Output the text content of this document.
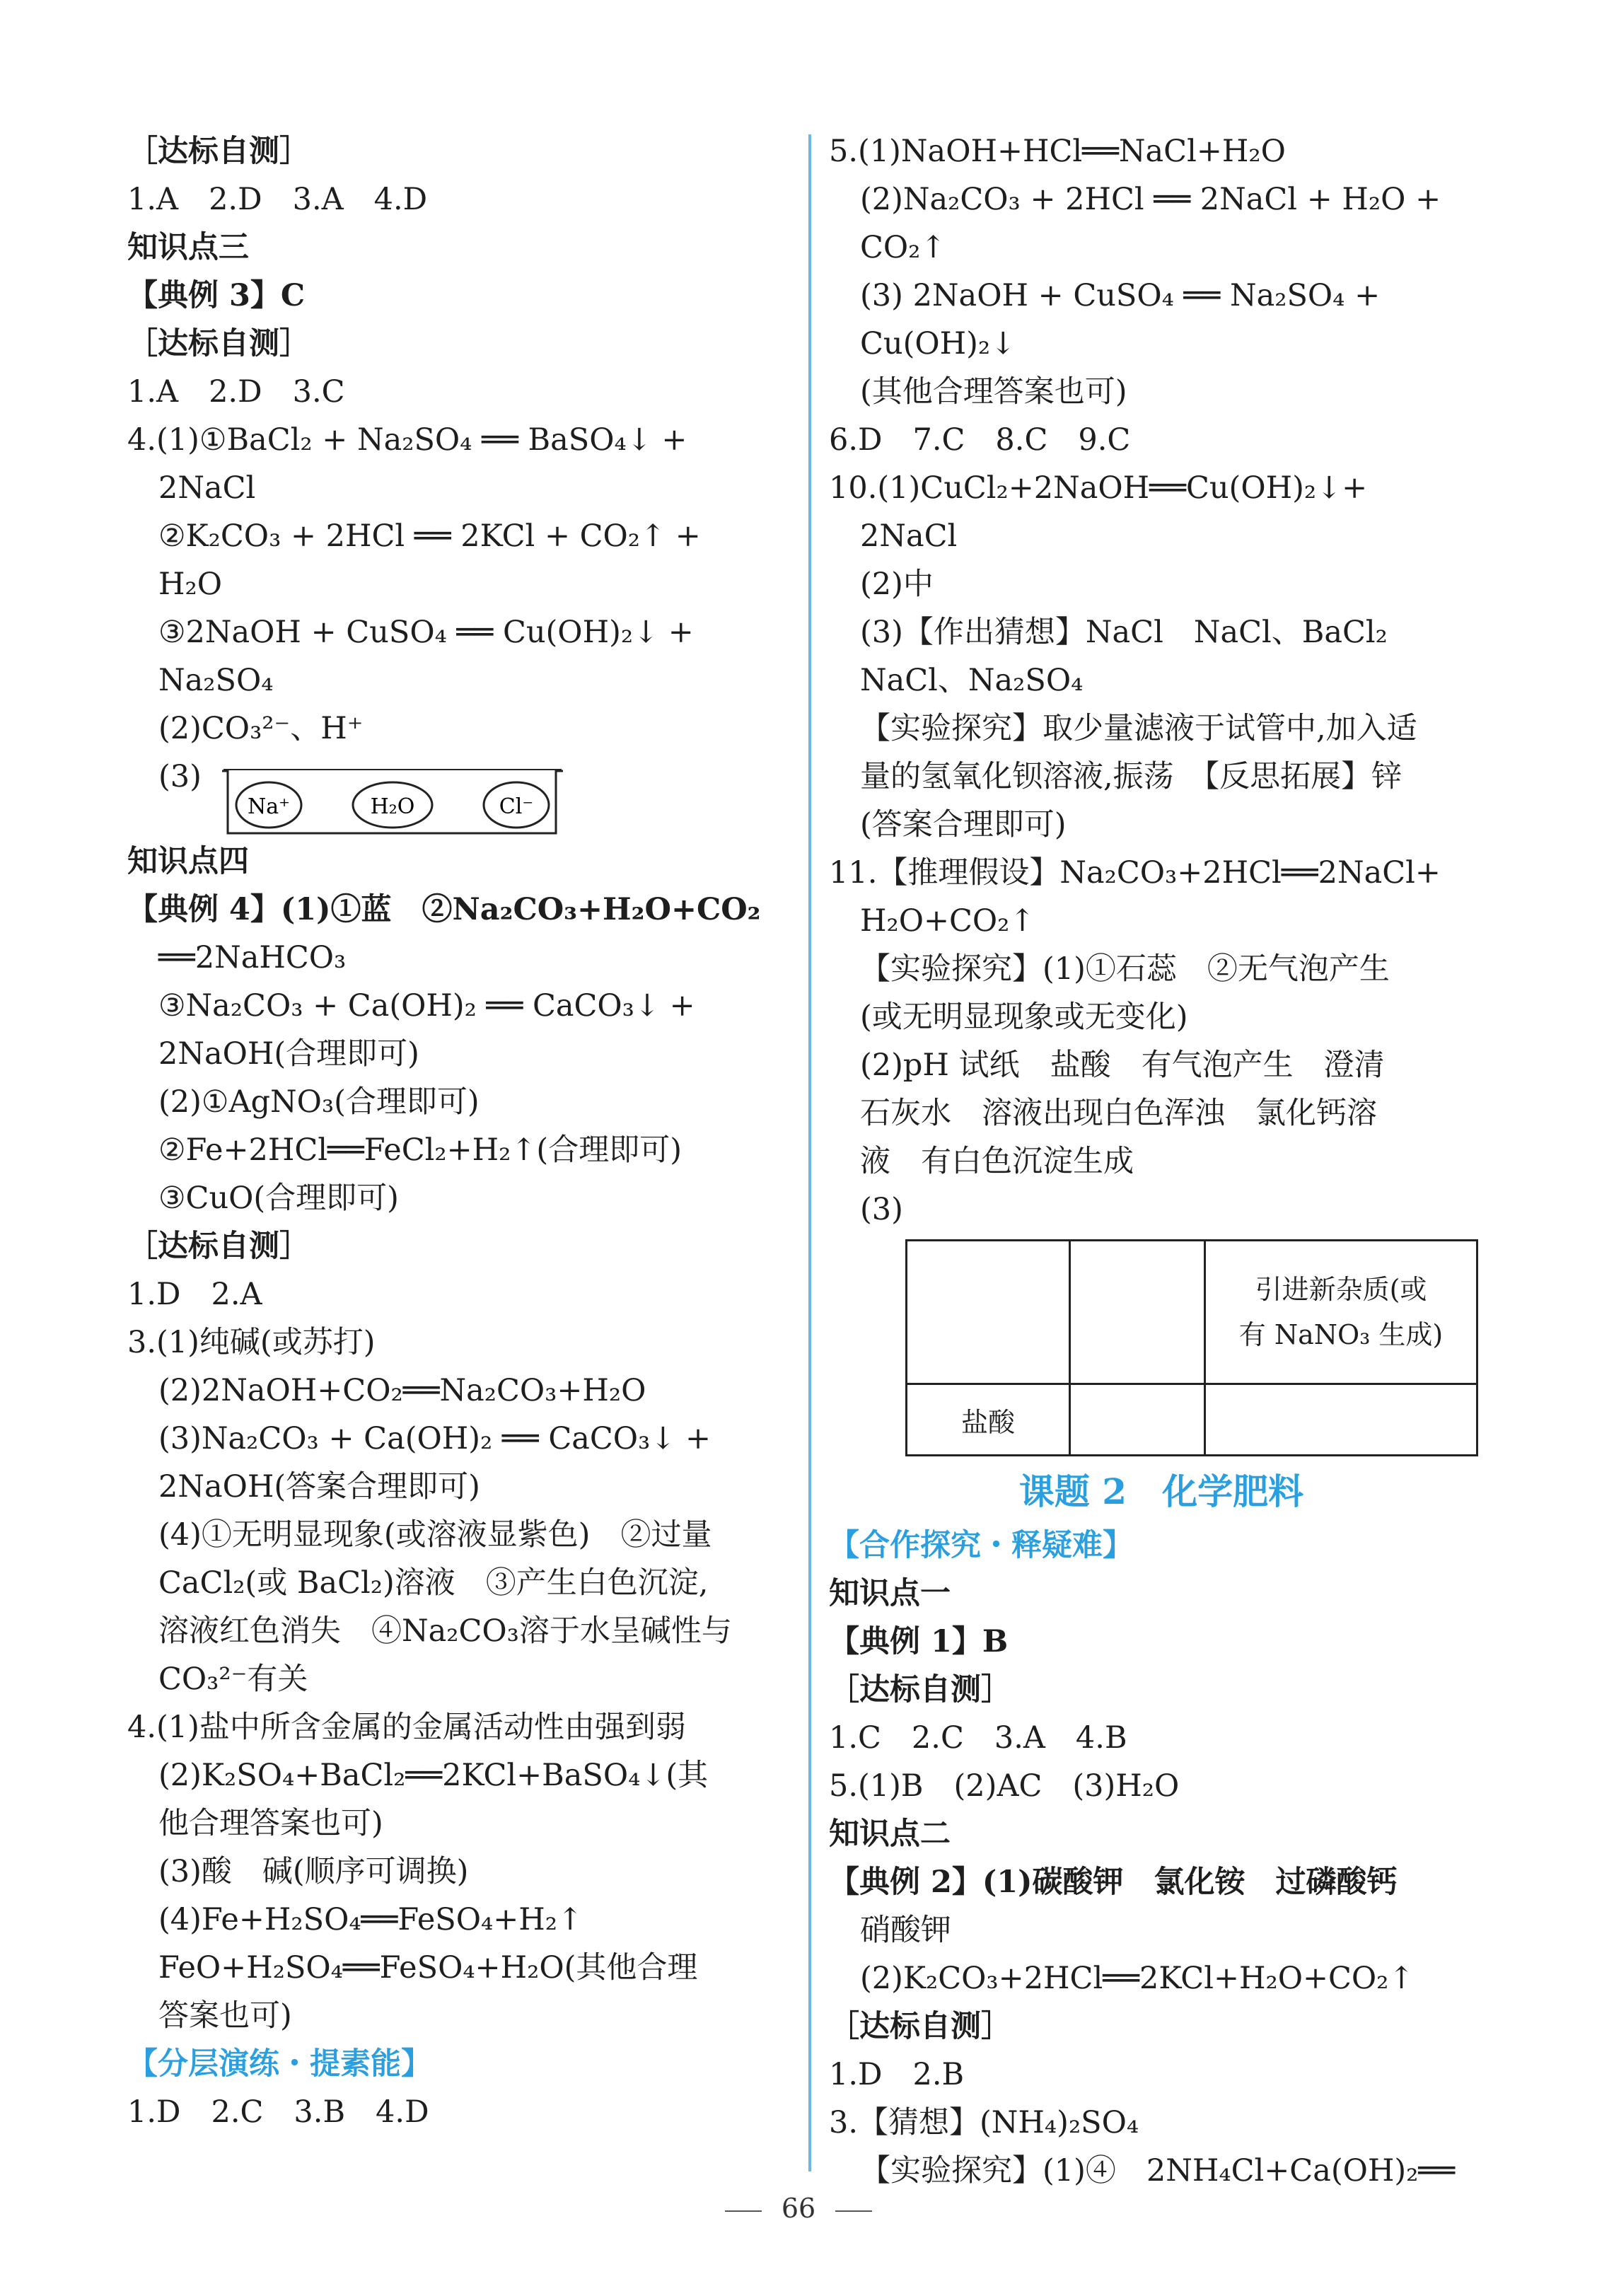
［达标自测］
1.A　2.D　3.A　4.D
知识点三
【典例 3】C
［达标自测］
1.A　2.D　3.C
4.(1)①BaCl₂ + Na₂SO₄ ══ BaSO₄↓ +
2NaCl
②K₂CO₃ + 2HCl ══ 2KCl + CO₂↑ +
H₂O
③2NaOH + CuSO₄ ══ Cu(OH)₂↓ +
Na₂SO₄
(2)CO₃²⁻、H⁺
(3)
Na⁺	H₂O	Cl⁻
知识点四
【典例 4】(1)①蓝　②Na₂CO₃+H₂O+CO₂
══2NaHCO₃
③Na₂CO₃ + Ca(OH)₂ ══ CaCO₃↓ +
2NaOH(合理即可)
(2)①AgNO₃(合理即可)
②Fe+2HCl══FeCl₂+H₂↑(合理即可)
③CuO(合理即可)
［达标自测］
1.D　2.A
3.(1)纯碱(或苏打)
(2)2NaOH+CO₂══Na₂CO₃+H₂O
(3)Na₂CO₃ + Ca(OH)₂ ══ CaCO₃↓ +
2NaOH(答案合理即可)
(4)①无明显现象(或溶液显紫色)　②过量
CaCl₂(或 BaCl₂)溶液　③产生白色沉淀,
溶液红色消失　④Na₂CO₃溶于水呈碱性与
CO₃²⁻有关
4.(1)盐中所含金属的金属活动性由强到弱
(2)K₂SO₄+BaCl₂══2KCl+BaSO₄↓(其
他合理答案也可)
(3)酸　碱(顺序可调换)
(4)Fe+H₂SO₄══FeSO₄+H₂↑
FeO+H₂SO₄══FeSO₄+H₂O(其他合理
答案也可)
【分层演练・提素能】
1.D　2.C　3.B　4.D
5.(1)NaOH+HCl══NaCl+H₂O
(2)Na₂CO₃ + 2HCl ══ 2NaCl + H₂O +
CO₂↑
(3) 2NaOH + CuSO₄ ══ Na₂SO₄ +
Cu(OH)₂↓
(其他合理答案也可)
6.D　7.C　8.C　9.C
10.(1)CuCl₂+2NaOH══Cu(OH)₂↓+
2NaCl
(2)中
(3)【作出猜想】NaCl　NaCl、BaCl₂
NaCl、Na₂SO₄
【实验探究】取少量滤液于试管中,加入适
量的氢氧化钡溶液,振荡　【反思拓展】锌
(答案合理即可)
11.【推理假设】Na₂CO₃+2HCl══2NaCl+
H₂O+CO₂↑
【实验探究】(1)①石蕊　②无气泡产生
(或无明显现象或无变化)
(2)pH 试纸　盐酸　有气泡产生　澄清
石灰水　溶液出现白色浑浊　氯化钙溶
液　有白色沉淀生成
(3)

		引进新杂质(或
有 NaNO₃ 生成)

盐酸		
课题 2　化学肥料
【合作探究・释疑难】
知识点一
【典例 1】B
［达标自测］
1.C　2.C　3.A　4.B
5.(1)B　(2)AC　(3)H₂O
知识点二
【典例 2】(1)碳酸钾　氯化铵　过磷酸钙
硝酸钾
(2)K₂CO₃+2HCl══2KCl+H₂O+CO₂↑
［达标自测］
1.D　2.B
3.【猜想】(NH₄)₂SO₄
【实验探究】(1)④　2NH₄Cl+Ca(OH)₂══
66
